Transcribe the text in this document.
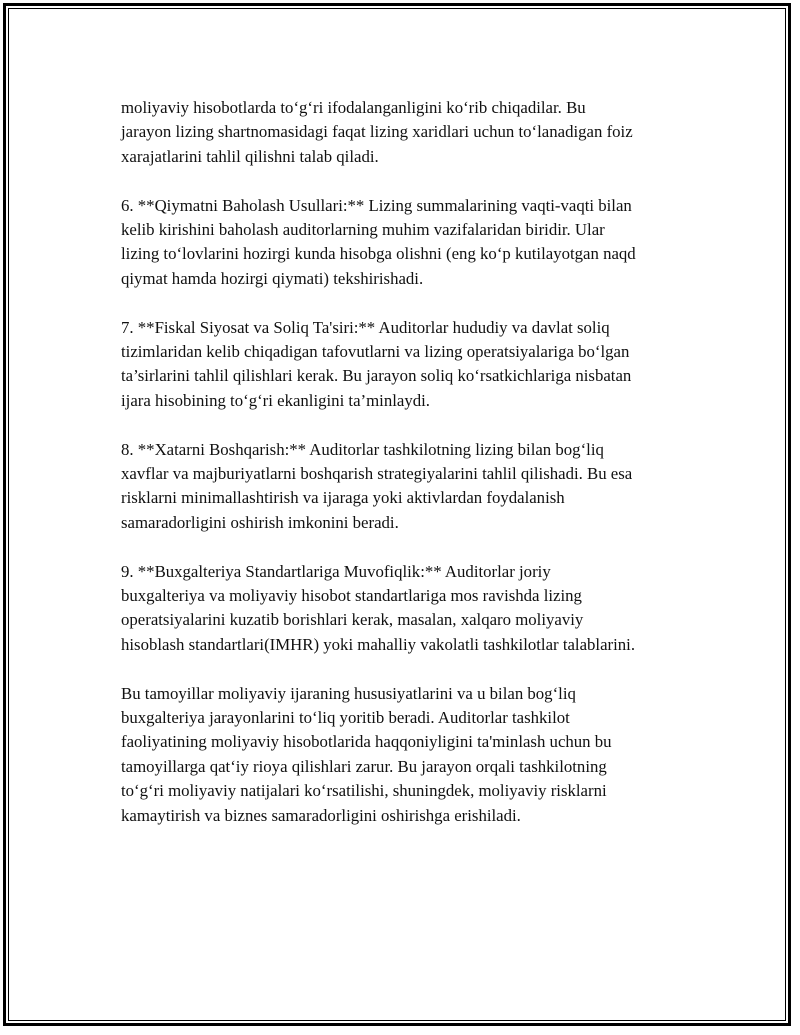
moliyaviy hisobotlarda to‘g‘ri ifodalanganligini ko‘rib chiqadilar. Bu
jarayon lizing shartnomasidagi faqat lizing xaridlari uchun to‘lanadigan foiz
xarajatlarini tahlil qilishni talab qiladi.

6. **Qiymatni Baholash Usullari:** Lizing summalarining vaqti-vaqti bilan
kelib kirishini baholash auditorlarning muhim vazifalaridan biridir. Ular
lizing to‘lovlarini hozirgi kunda hisobga olishni (eng ko‘p kutilayotgan naqd
qiymat hamda hozirgi qiymati) tekshirishadi.

7. **Fiskal Siyosat va Soliq Ta'siri:** Auditorlar hududiy va davlat soliq
tizimlaridan kelib chiqadigan tafovutlarni va lizing operatsiyalariga bo‘lgan
ta’sirlarini tahlil qilishlari kerak. Bu jarayon soliq ko‘rsatkichlariga nisbatan
ijara hisobining to‘g‘ri ekanligini ta’minlaydi.

8. **Xatarni Boshqarish:** Auditorlar tashkilotning lizing bilan bog‘liq
xavflar va majburiyatlarni boshqarish strategiyalarini tahlil qilishadi. Bu esa
risklarni minimallashtirish va ijaraga yoki aktivlardan foydalanish
samaradorligini oshirish imkonini beradi.

9. **Buxgalteriya Standartlariga Muvofiqlik:** Auditorlar joriy
buxgalteriya va moliyaviy hisobot standartlariga mos ravishda lizing
operatsiyalarini kuzatib borishlari kerak, masalan, xalqaro moliyaviy
hisoblash standartlari(IMHR) yoki mahalliy vakolatli tashkilotlar talablarini.

Bu tamoyillar moliyaviy ijaraning hususiyatlarini va u bilan bog‘liq
buxgalteriya jarayonlarini to‘liq yoritib beradi. Auditorlar tashkilot
faoliyatining moliyaviy hisobotlarida haqqoniyligini ta'minlash uchun bu
tamoyillarga qat‘iy rioya qilishlari zarur. Bu jarayon orqali tashkilotning
to‘g‘ri moliyaviy natijalari ko‘rsatilishi, shuningdek, moliyaviy risklarni
kamaytirish va biznes samaradorligini oshirishga erishiladi.
